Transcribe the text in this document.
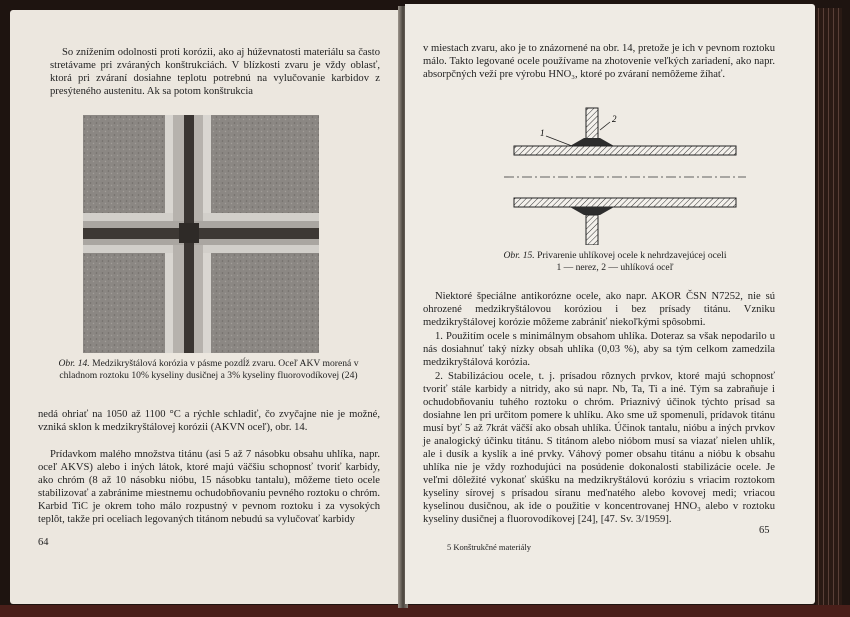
So znížením odolnosti proti korózii, ako aj húževnatosti materiálu sa často stretávame pri zváraných konštrukciách. V blízkosti zvaru je vždy oblasť, ktorá pri zváraní dosiahne teplotu potrebnú na vylučovanie karbidov z presýteného austenitu. Ak sa potom konštrukcia

Obr. 14. Medzikryštálová korózia v pásme pozdĺž zvaru. Oceľ AKV morená v chladnom roztoku 10% kyseliny dusičnej a 3% kyseliny fluorovodíkovej (24)

nedá ohriať na 1050 až 1100 °C a rýchle schladiť, čo zvyčajne nie je možné, vzniká sklon k medzikryštálovej korózii (AKVN oceľ), obr. 14.

Prídavkom malého množstva titánu (asi 5 až 7 násobku obsahu uhlíka, napr. oceľ AKVS) alebo i iných látok, ktoré majú väčšiu schopnosť tvoriť karbidy, ako chróm (8 až 10 násobku nióbu, 15 násobku tantalu), môžeme tieto ocele stabilizovať a zabránime miestnemu ochudobňovaniu pevného roztoku o chróm. Karbid TiC je okrem toho málo rozpustný v pevnom roztoku i za vysokých teplôt, takže pri oceliach legovaných titánom nebudú sa vylučovať karbidy

64

v miestach zvaru, ako je to znázornené na obr. 14, pretože je ich v pevnom roztoku málo. Takto legované ocele používame na zhotovenie veľkých zariadení, ako napr. absorpčných veží pre výrobu HNO₃, ktoré po zváraní nemôžeme žíhať.

1
2
Obr. 15. Privarenie uhlíkovej ocele k nehrdzavejúcej oceli
1 — nerez, 2 — uhlíková oceľ

Niektoré špeciálne antikorózne ocele, ako napr. AKOR ČSN N7252, nie sú ohrozené medzikryštálovou koróziou i bez prísady titánu. Vzniku medzikryštálovej korózie môžeme zabrániť niekoľkými spôsobmi.

1. Použitím ocele s minimálnym obsahom uhlíka. Doteraz sa však nepodarilo u nás dosiahnuť taký nízky obsah uhlíka (0,03 %), aby sa tým celkom zamedzila medzikryštálová korózia.

2. Stabilizáciou ocele, t. j. prísadou rôznych prvkov, ktoré majú schopnosť tvoriť stále karbidy a nitridy, ako sú napr. Nb, Ta, Ti a iné. Tým sa zabraňuje i ochudobňovaniu tuhého roztoku o chróm. Priaznivý účinok týchto prísad sa dosiahne len pri určitom pomere k uhlíku. Ako sme už spomenuli, prídavok titánu musí byť 5 až 7krát väčší ako obsah uhlíka. Účinok tantalu, nióbu a iných prvkov je analogický účinku titánu. S titánom alebo nióbom musí sa viazať nielen uhlík, ale i dusík a kyslík a iné prvky. Váhový pomer obsahu titánu a nióbu k obsahu uhlíka nie je vždy rozhodujúci na posúdenie dokonalosti stabilizácie ocele. Je veľmi dôležité vykonať skúšku na medzikryštálovú koróziu s vriacim roztokom kyseliny sírovej s prísadou síranu meďnatého alebo kovovej medi; vriacou kyselinou dusičnou, ak ide o použitie v koncentrovanej HNO₃ alebo v roztoku kyseliny dusičnej a fluorovodíkovej [24], [47. Sv. 3/1959].

5 Konštrukčné materiály
65
